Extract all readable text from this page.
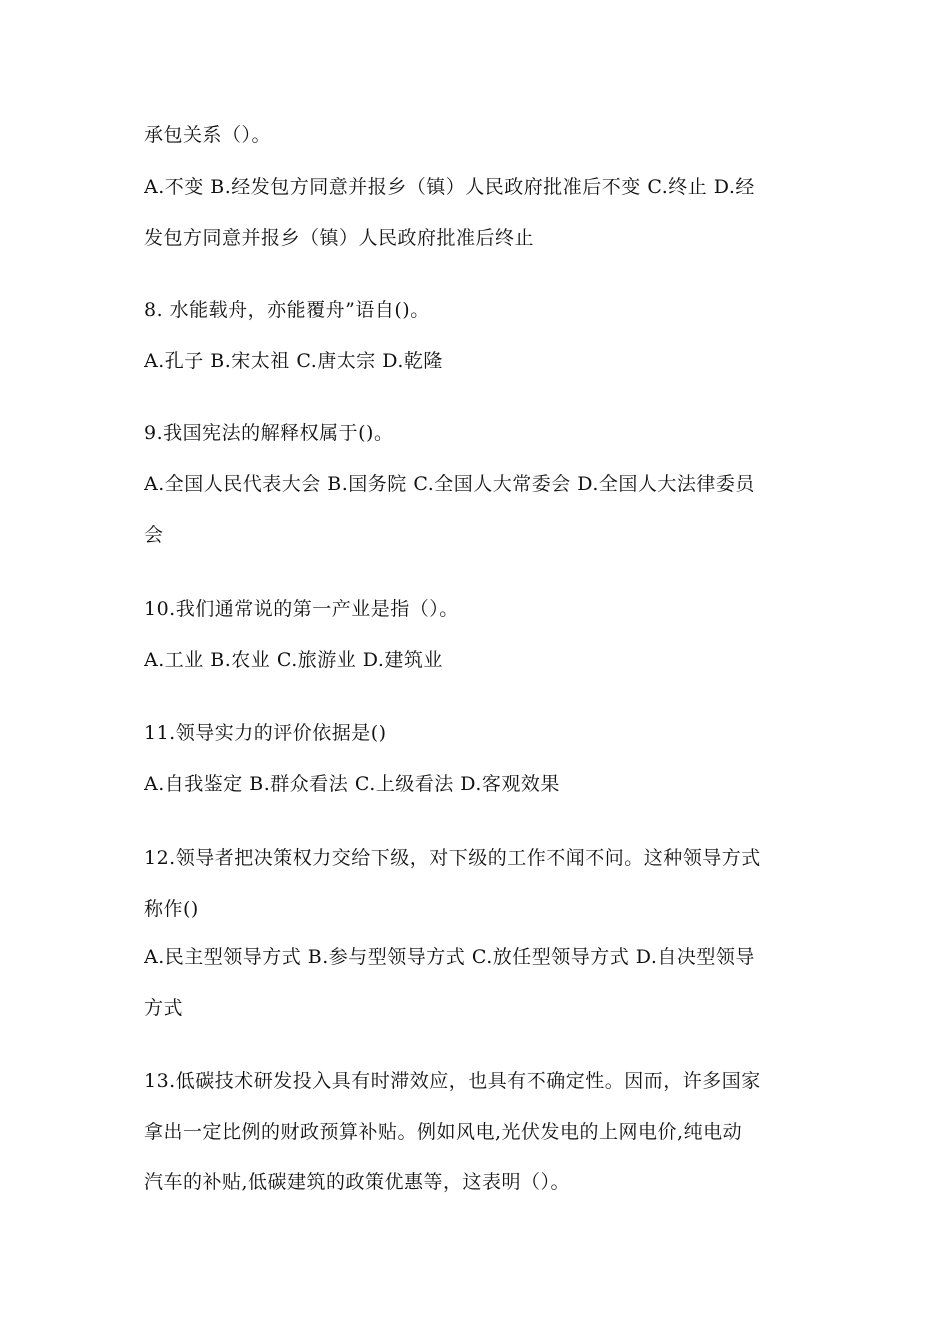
承包关系（）。
A.不变 B.经发包方同意并报乡（镇）人民政府批准后不变 C.终止 D.经
发包方同意并报乡（镇）人民政府批准后终止
8. 水能载舟，亦能覆舟”语自()。
A.孔子 B.宋太祖 C.唐太宗 D.乾隆
9.我国宪法的解释权属于()。
A.全国人民代表大会 B.国务院 C.全国人大常委会 D.全国人大法律委员
会
10.我们通常说的第一产业是指（）。
A.工业 B.农业 C.旅游业 D.建筑业
11.领导实力的评价依据是()
A.自我鉴定 B.群众看法 C.上级看法 D.客观效果
12.领导者把决策权力交给下级，对下级的工作不闻不问。这种领导方式
称作()
A.民主型领导方式 B.参与型领导方式 C.放任型领导方式 D.自决型领导
方式
13.低碳技术研发投入具有时滞效应，也具有不确定性。因而，许多国家
拿出一定比例的财政预算补贴。例如风电,光伏发电的上网电价,纯电动
汽车的补贴,低碳建筑的政策优惠等，这表明（）。
